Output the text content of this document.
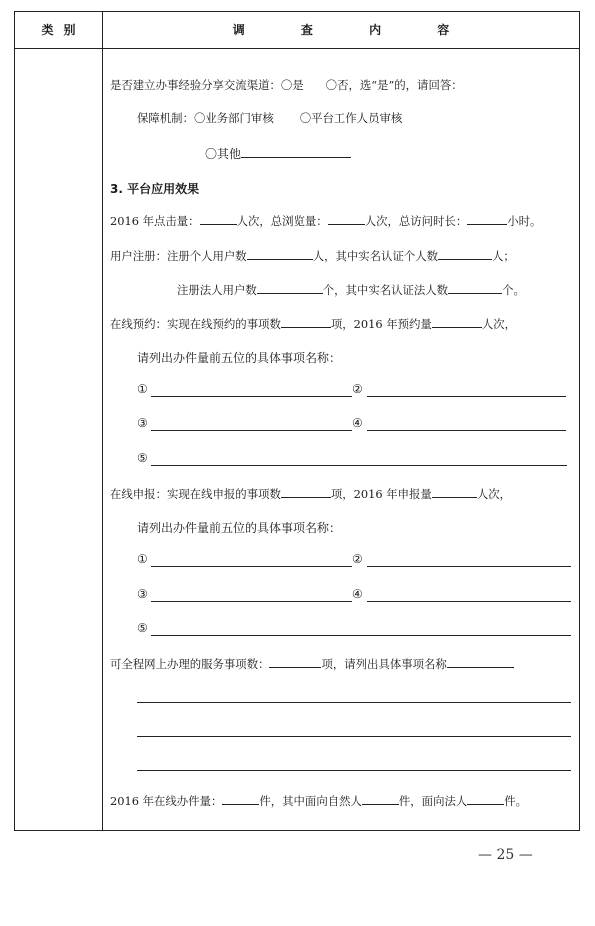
类别	调 查 内 容
是否建立办事经验分享交流渠道：〇是 〇否，选“是”的，请回答：
保障机制：〇业务部门审核 〇平台工作人员审核
〇其他
3. 平台应用效果
2016 年点击量：	人次，总浏览量：	人次，总访问时长：	小时。
用户注册：注册个人用户数	人，其中实名认证个人数	人；
注册法人用户数	个，其中实名认证法人数	个。
在线预约：实现在线预约的事项数	项，2016 年预约量	人次，
请列出办件量前五位的具体事项名称：
①	②
③	④
⑤
在线申报：实现在线申报的事项数	项，2016 年申报量	人次，
请列出办件量前五位的具体事项名称：
①	②
③	④
⑤
可全程网上办理的服务事项数：	项，请列出具体事项名称
2016 年在线办件量：	件，其中面向自然人	件，面向法人	件。
— 25 —
